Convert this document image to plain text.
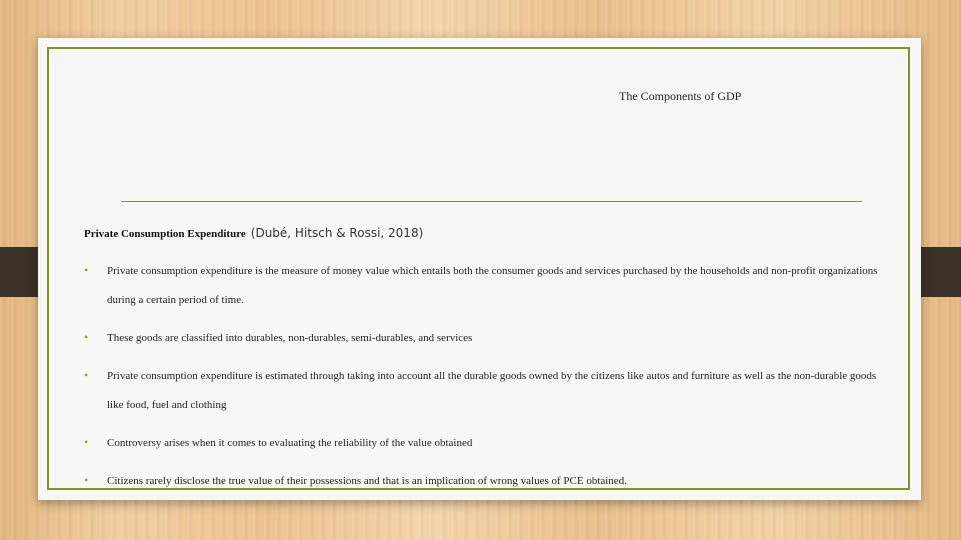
The Components of GDP
Private Consumption Expenditure (Dubé, Hitsch & Rossi, 2018)
• Private consumption expenditure is the measure of money value which entails both the consumer goods and services purchased by the households and non-profit organizations during a certain period of time.
• These goods are classified into durables, non-durables, semi-durables, and services
• Private consumption expenditure is estimated through taking into account all the durable goods owned by the citizens like autos and furniture as well as the non-durable goods like food, fuel and clothing
• Controversy arises when it comes to evaluating the reliability of the value obtained
• Citizens rarely disclose the true value of their possessions and that is an implication of wrong values of PCE obtained.
